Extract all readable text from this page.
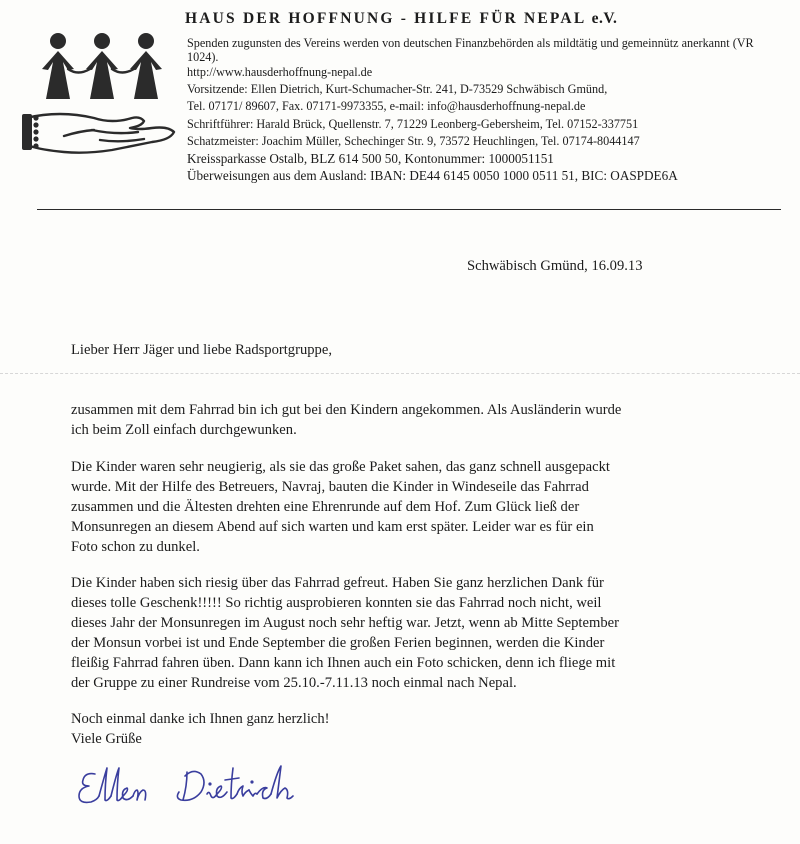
HAUS DER HOFFNUNG - HILFE FÜR NEPAL e.V.
Spenden zugunsten des Vereins werden von deutschen Finanzbehörden als mildtätig und gemeinnütz anerkannt (VR 1024).
http://www.hausderhoffnung-nepal.de
Vorsitzende: Ellen Dietrich, Kurt-Schumacher-Str. 241, D-73529 Schwäbisch Gmünd,
Tel. 07171/ 89607, Fax. 07171-9973355, e-mail: info@hausderhoffnung-nepal.de
Schriftführer: Harald Brück, Quellenstr. 7, 71229 Leonberg-Gebersheim, Tel. 07152-337751
Schatzmeister: Joachim Müller, Schechinger Str. 9, 73572 Heuchlingen, Tel. 07174-8044147
Kreissparkasse Ostalb, BLZ 614 500 50, Kontonummer: 1000051151
Überweisungen aus dem Ausland: IBAN: DE44 6145 0050 1000 0511 51, BIC: OASPDE6A
Schwäbisch Gmünd, 16.09.13
Lieber Herr Jäger und liebe Radsportgruppe,
zusammen mit dem Fahrrad bin ich gut bei den Kindern angekommen. Als Ausländerin wurde
ich beim Zoll einfach durchgewunken.
Die Kinder waren sehr neugierig, als sie das große Paket sahen, das ganz schnell ausgepackt
wurde. Mit der Hilfe des Betreuers, Navraj, bauten die Kinder in Windeseile das Fahrrad
zusammen und die Ältesten drehten eine Ehrenrunde auf dem Hof. Zum Glück ließ der
Monsunregen an diesem Abend auf sich warten und kam erst später. Leider war es für ein
Foto schon zu dunkel.
Die Kinder haben sich riesig über das Fahrrad gefreut. Haben Sie ganz herzlichen Dank für
dieses tolle Geschenk!!!!! So richtig ausprobieren konnten sie das Fahrrad noch nicht, weil
dieses Jahr der Monsunregen im August noch sehr heftig war. Jetzt, wenn ab Mitte September
der Monsun vorbei ist und Ende September die großen Ferien beginnen, werden die Kinder
fleißig Fahrrad fahren üben. Dann kann ich Ihnen auch ein Foto schicken, denn ich fliege mit
der Gruppe zu einer Rundreise vom 25.10.-7.11.13 noch einmal nach Nepal.
Noch einmal danke ich Ihnen ganz herzlich!
Viele Grüße
